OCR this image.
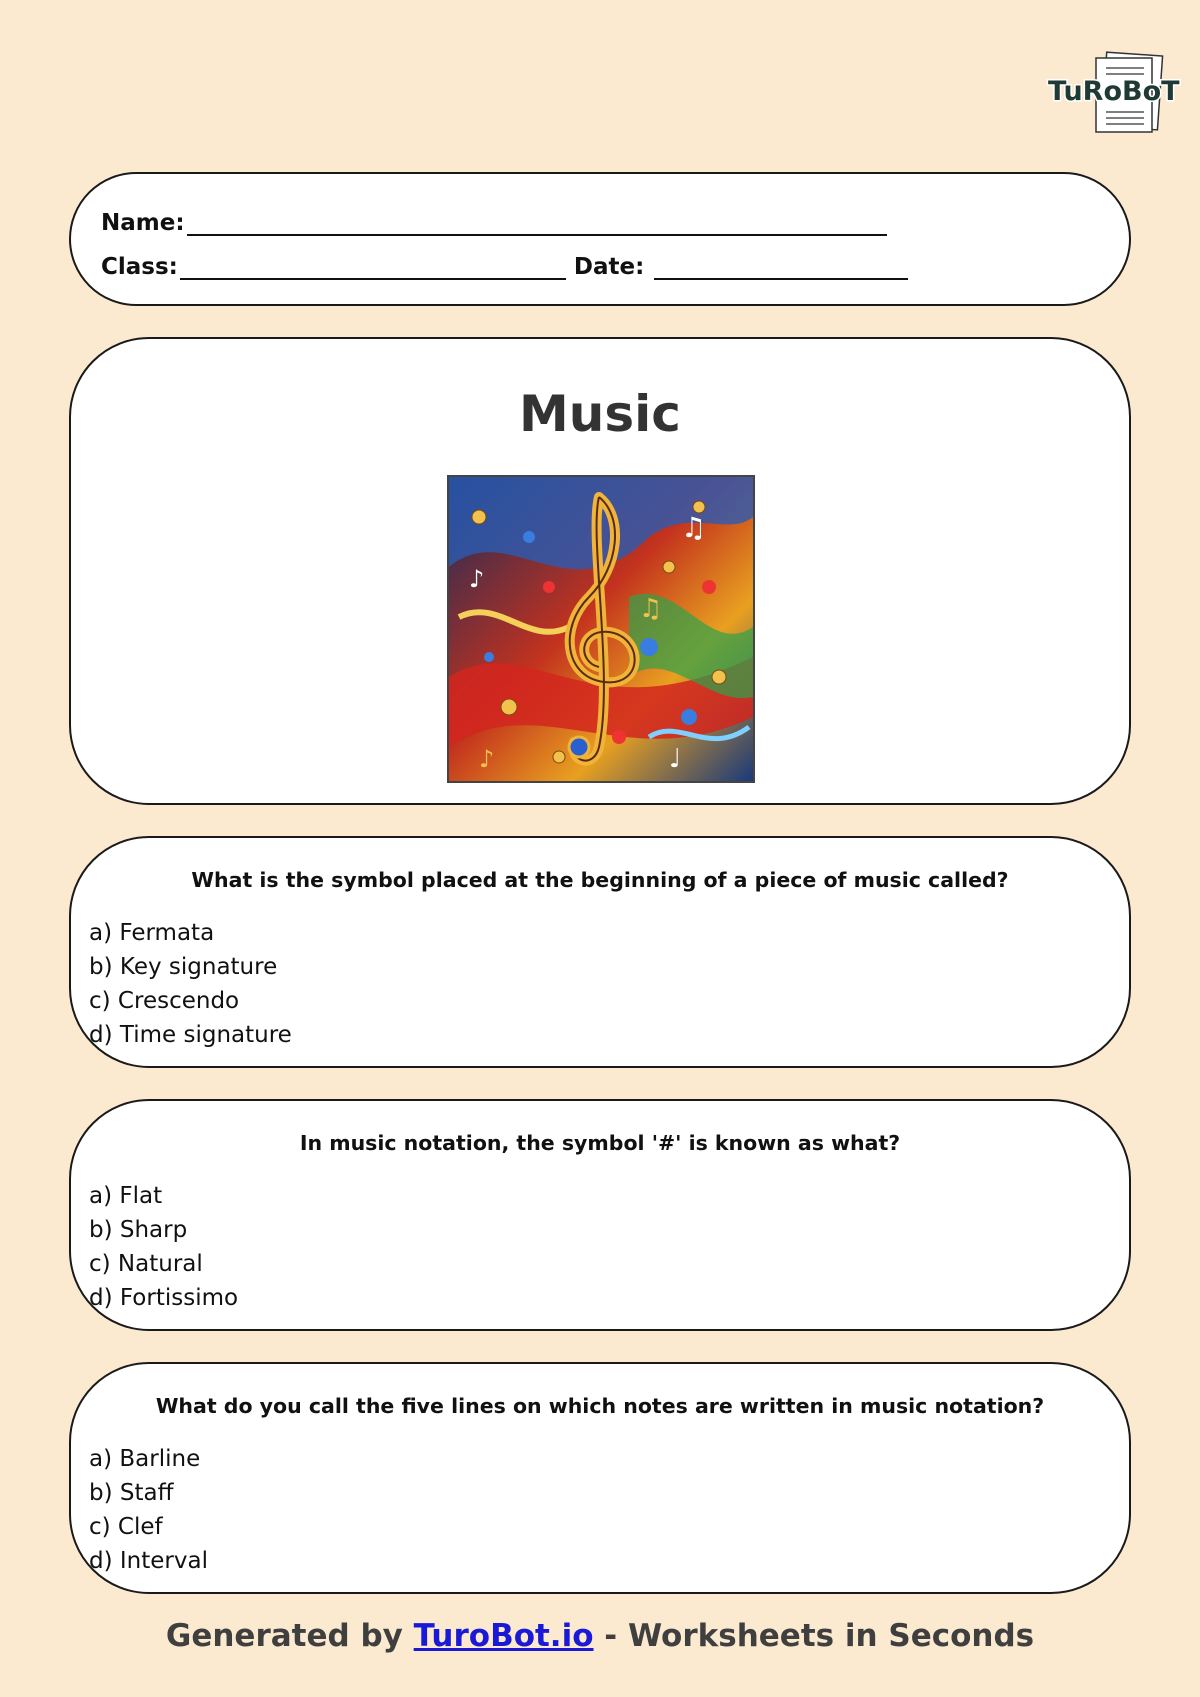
TuRoBoT
Name:
Class:	Date:
Music
♫
♪
♩
♫
♪
What is the symbol placed at the beginning of a piece of music called?
a) Fermata
b) Key signature
c) Crescendo
d) Time signature
In music notation, the symbol '#' is known as what?
a) Flat
b) Sharp
c) Natural
d) Fortissimo
What do you call the five lines on which notes are written in music notation?
a) Barline
b) Staff
c) Clef
d) Interval
Generated by TuroBot.io - Worksheets in Seconds
